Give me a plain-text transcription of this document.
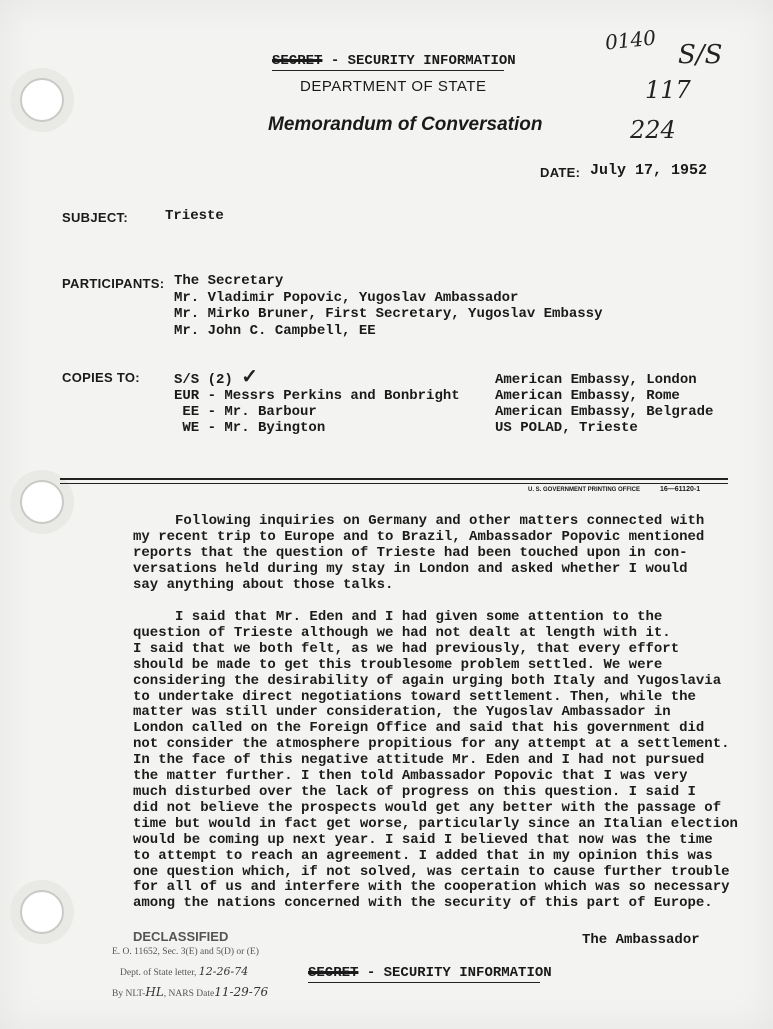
SECRET - SECURITY INFORMATION
DEPARTMENT OF STATE
Memorandum of Conversation
0140
S/S
117
224
DATE: July 17, 1952
SUBJECT:	Trieste
PARTICIPANTS: The Secretary
Mr. Vladimir Popovic, Yugoslav Ambassador
Mr. Mirko Bruner, First Secretary, Yugoslav Embassy
Mr. John C. Campbell, EE
COPIES TO: S/S (2) ✓
EUR - Messrs Perkins and Bonbright
EE - Mr. Barbour
WE - Mr. Byington
American Embassy, London
American Embassy, Rome
American Embassy, Belgrade
US POLAD, Trieste
U. S. GOVERNMENT PRINTING OFFICE	16—61120-1
Following inquiries on Germany and other matters connected with
my recent trip to Europe and to Brazil, Ambassador Popovic mentioned
reports that the question of Trieste had been touched upon in con-
versations held during my stay in London and asked whether I would
say anything about those talks.
I said that Mr. Eden and I had given some attention to the
question of Trieste although we had not dealt at length with it.
I said that we both felt, as we had previously, that every effort
should be made to get this troublesome problem settled. We were
considering the desirability of again urging both Italy and Yugoslavia
to undertake direct negotiations toward settlement. Then, while the
matter was still under consideration, the Yugoslav Ambassador in
London called on the Foreign Office and said that his government did
not consider the atmosphere propitious for any attempt at a settlement.
In the face of this negative attitude Mr. Eden and I had not pursued
the matter further. I then told Ambassador Popovic that I was very
much disturbed over the lack of progress on this question. I said I
did not believe the prospects would get any better with the passage of
time but would in fact get worse, particularly since an Italian election
would be coming up next year. I said I believed that now was the time
to attempt to reach an agreement. I added that in my opinion this was
one question which, if not solved, was certain to cause further trouble
for all of us and interfere with the cooperation which was so necessary
among the nations concerned with the security of this part of Europe.
The Ambassador
SECRET - SECURITY INFORMATION
DECLASSIFIED
E. O. 11652, Sec. 3(E) and 5(D) or (E)
Dept. of State letter, 12-26-74
By NLT-HL, NARS Date11-29-76
